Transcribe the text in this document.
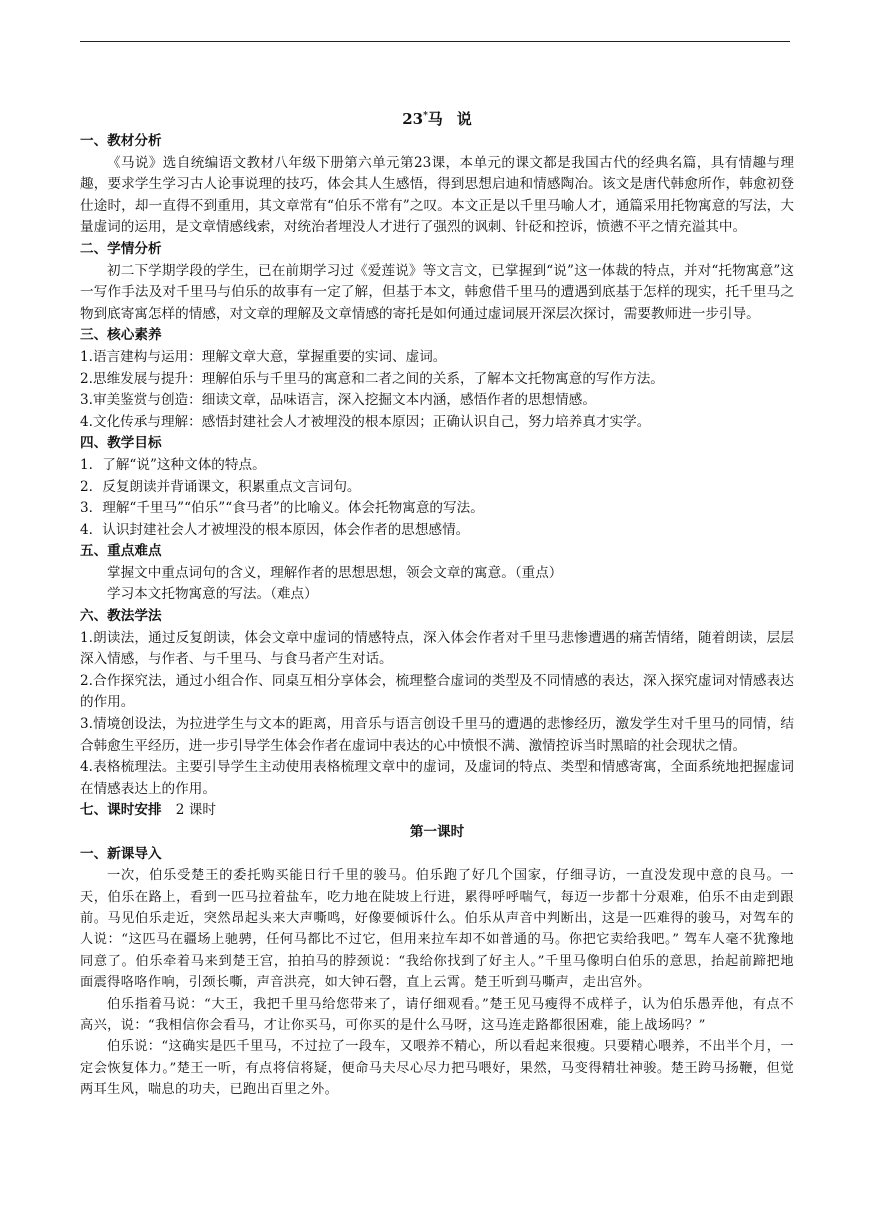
23*马 说

一、教材分析

《马说》选自统编语文教材八年级下册第六单元第23课，本单元的课文都是我国古代的经典名篇，具有情趣与理趣，要求学生学习古人论事说理的技巧，体会其人生感悟，得到思想启迪和情感陶冶。该文是唐代韩愈所作，韩愈初登仕途时，却一直得不到重用，其文章常有“伯乐不常有”之叹。本文正是以千里马喻人才，通篇采用托物寓意的写法，大量虚词的运用，是文章情感线索，对统治者埋没人才进行了强烈的讽刺、针砭和控诉，愤懑不平之情充溢其中。

二、学情分析

初二下学期学段的学生，已在前期学习过《爱莲说》等文言文，已掌握到“说”这一体裁的特点，并对“托物寓意”这一写作手法及对千里马与伯乐的故事有一定了解，但基于本文，韩愈借千里马的遭遇到底基于怎样的现实，托千里马之物到底寄寓怎样的情感，对文章的理解及文章情感的寄托是如何通过虚词展开深层次探讨，需要教师进一步引导。

三、核心素养

1.语言建构与运用：理解文章大意，掌握重要的实词、虚词。

2.思维发展与提升：理解伯乐与千里马的寓意和二者之间的关系，了解本文托物寓意的写作方法。

3.审美鉴赏与创造：细读文章，品味语言，深入挖掘文本内涵，感悟作者的思想情感。

4.文化传承与理解：感悟封建社会人才被埋没的根本原因；正确认识自己，努力培养真才实学。

四、教学目标

1．了解“说”这种文体的特点。

2．反复朗读并背诵课文，积累重点文言词句。

3．理解“千里马”“伯乐”“食马者”的比喻义。体会托物寓意的写法。

4．认识封建社会人才被埋没的根本原因，体会作者的思想感情。

五、重点难点

掌握文中重点词句的含义，理解作者的思想思想，领会文章的寓意。（重点）

学习本文托物寓意的写法。（难点）

六、教法学法

1.朗读法，通过反复朗读，体会文章中虚词的情感特点，深入体会作者对千里马悲惨遭遇的痛苦情绪，随着朗读，层层深入情感，与作者、与千里马、与食马者产生对话。

2.合作探究法，通过小组合作、同桌互相分享体会，梳理整合虚词的类型及不同情感的表达，深入探究虚词对情感表达的作用。

3.情境创设法，为拉进学生与文本的距离，用音乐与语言创设千里马的遭遇的悲惨经历，激发学生对千里马的同情，结合韩愈生平经历，进一步引导学生体会作者在虚词中表达的心中愤恨不满、激情控诉当时黑暗的社会现状之情。

4.表格梳理法。主要引导学生主动使用表格梳理文章中的虚词，及虚词的特点、类型和情感寄寓，全面系统地把握虚词在情感表达上的作用。

七、课时安排 2 课时

第一课时

一、新课导入

一次，伯乐受楚王的委托购买能日行千里的骏马。伯乐跑了好几个国家，仔细寻访，一直没发现中意的良马。一天，伯乐在路上，看到一匹马拉着盐车，吃力地在陡坡上行进，累得呼呼喘气，每迈一步都十分艰难，伯乐不由走到跟前。马见伯乐走近，突然昂起头来大声嘶鸣，好像要倾诉什么。伯乐从声音中判断出，这是一匹难得的骏马，对驾车的人说：“这匹马在疆场上驰骋，任何马都比不过它，但用来拉车却不如普通的马。你把它卖给我吧。” 驾车人毫不犹豫地同意了。伯乐牵着马来到楚王宫，拍拍马的脖颈说：“我给你找到了好主人。”千里马像明白伯乐的意思，抬起前蹄把地面震得咯咯作响，引颈长嘶，声音洪亮，如大钟石磬，直上云霄。楚王听到马嘶声，走出宫外。

伯乐指着马说：“大王，我把千里马给您带来了，请仔细观看。”楚王见马瘦得不成样子，认为伯乐愚弄他，有点不高兴，说：“我相信你会看马，才让你买马，可你买的是什么马呀，这马连走路都很困难，能上战场吗？”

伯乐说：“这确实是匹千里马，不过拉了一段车，又喂养不精心，所以看起来很瘦。只要精心喂养，不出半个月，一定会恢复体力。”楚王一听，有点将信将疑，便命马夫尽心尽力把马喂好，果然，马变得精壮神骏。楚王跨马扬鞭，但觉两耳生风，喘息的功夫，已跑出百里之外。
